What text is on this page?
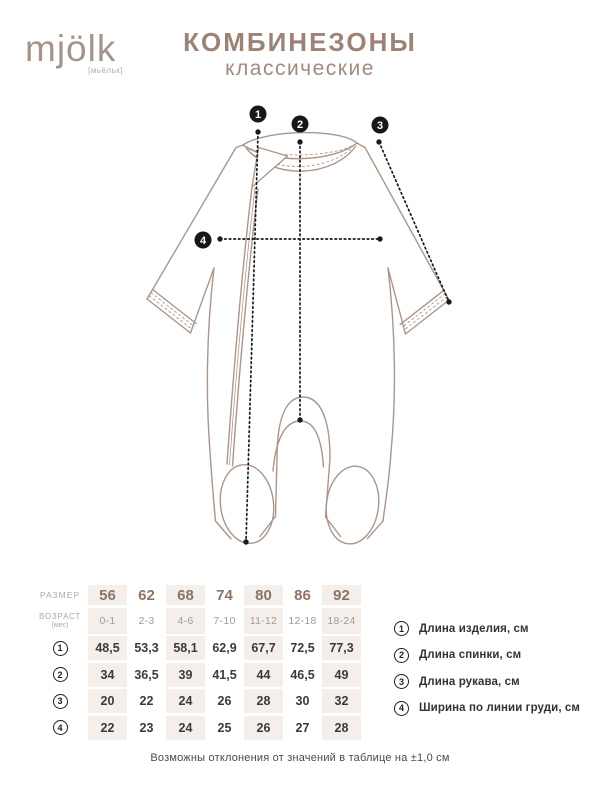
mjölk
[мьёльк]
КОМБИНЕЗОНЫ
классические
1
2	3
4
РАЗМЕР	56	62	68	74	80	86	92
ВОЗРАСТ
(мес)	0-1	2-3	4-6	7-10	11-12	12-18	18-24
1	48,5	53,3	58,1	62,9	67,7	72,5	77,3
2	34	36,5	39	41,5	44	46,5	49
3	20	22	24	26	28	30	32
4	22	23	24	25	26	27	28
1	Длина изделия, см
2	Длина спинки, см
3	Длина рукава, см
4	Ширина по линии груди, см
Возможны отклонения от значений в таблице на ±1,0 см
